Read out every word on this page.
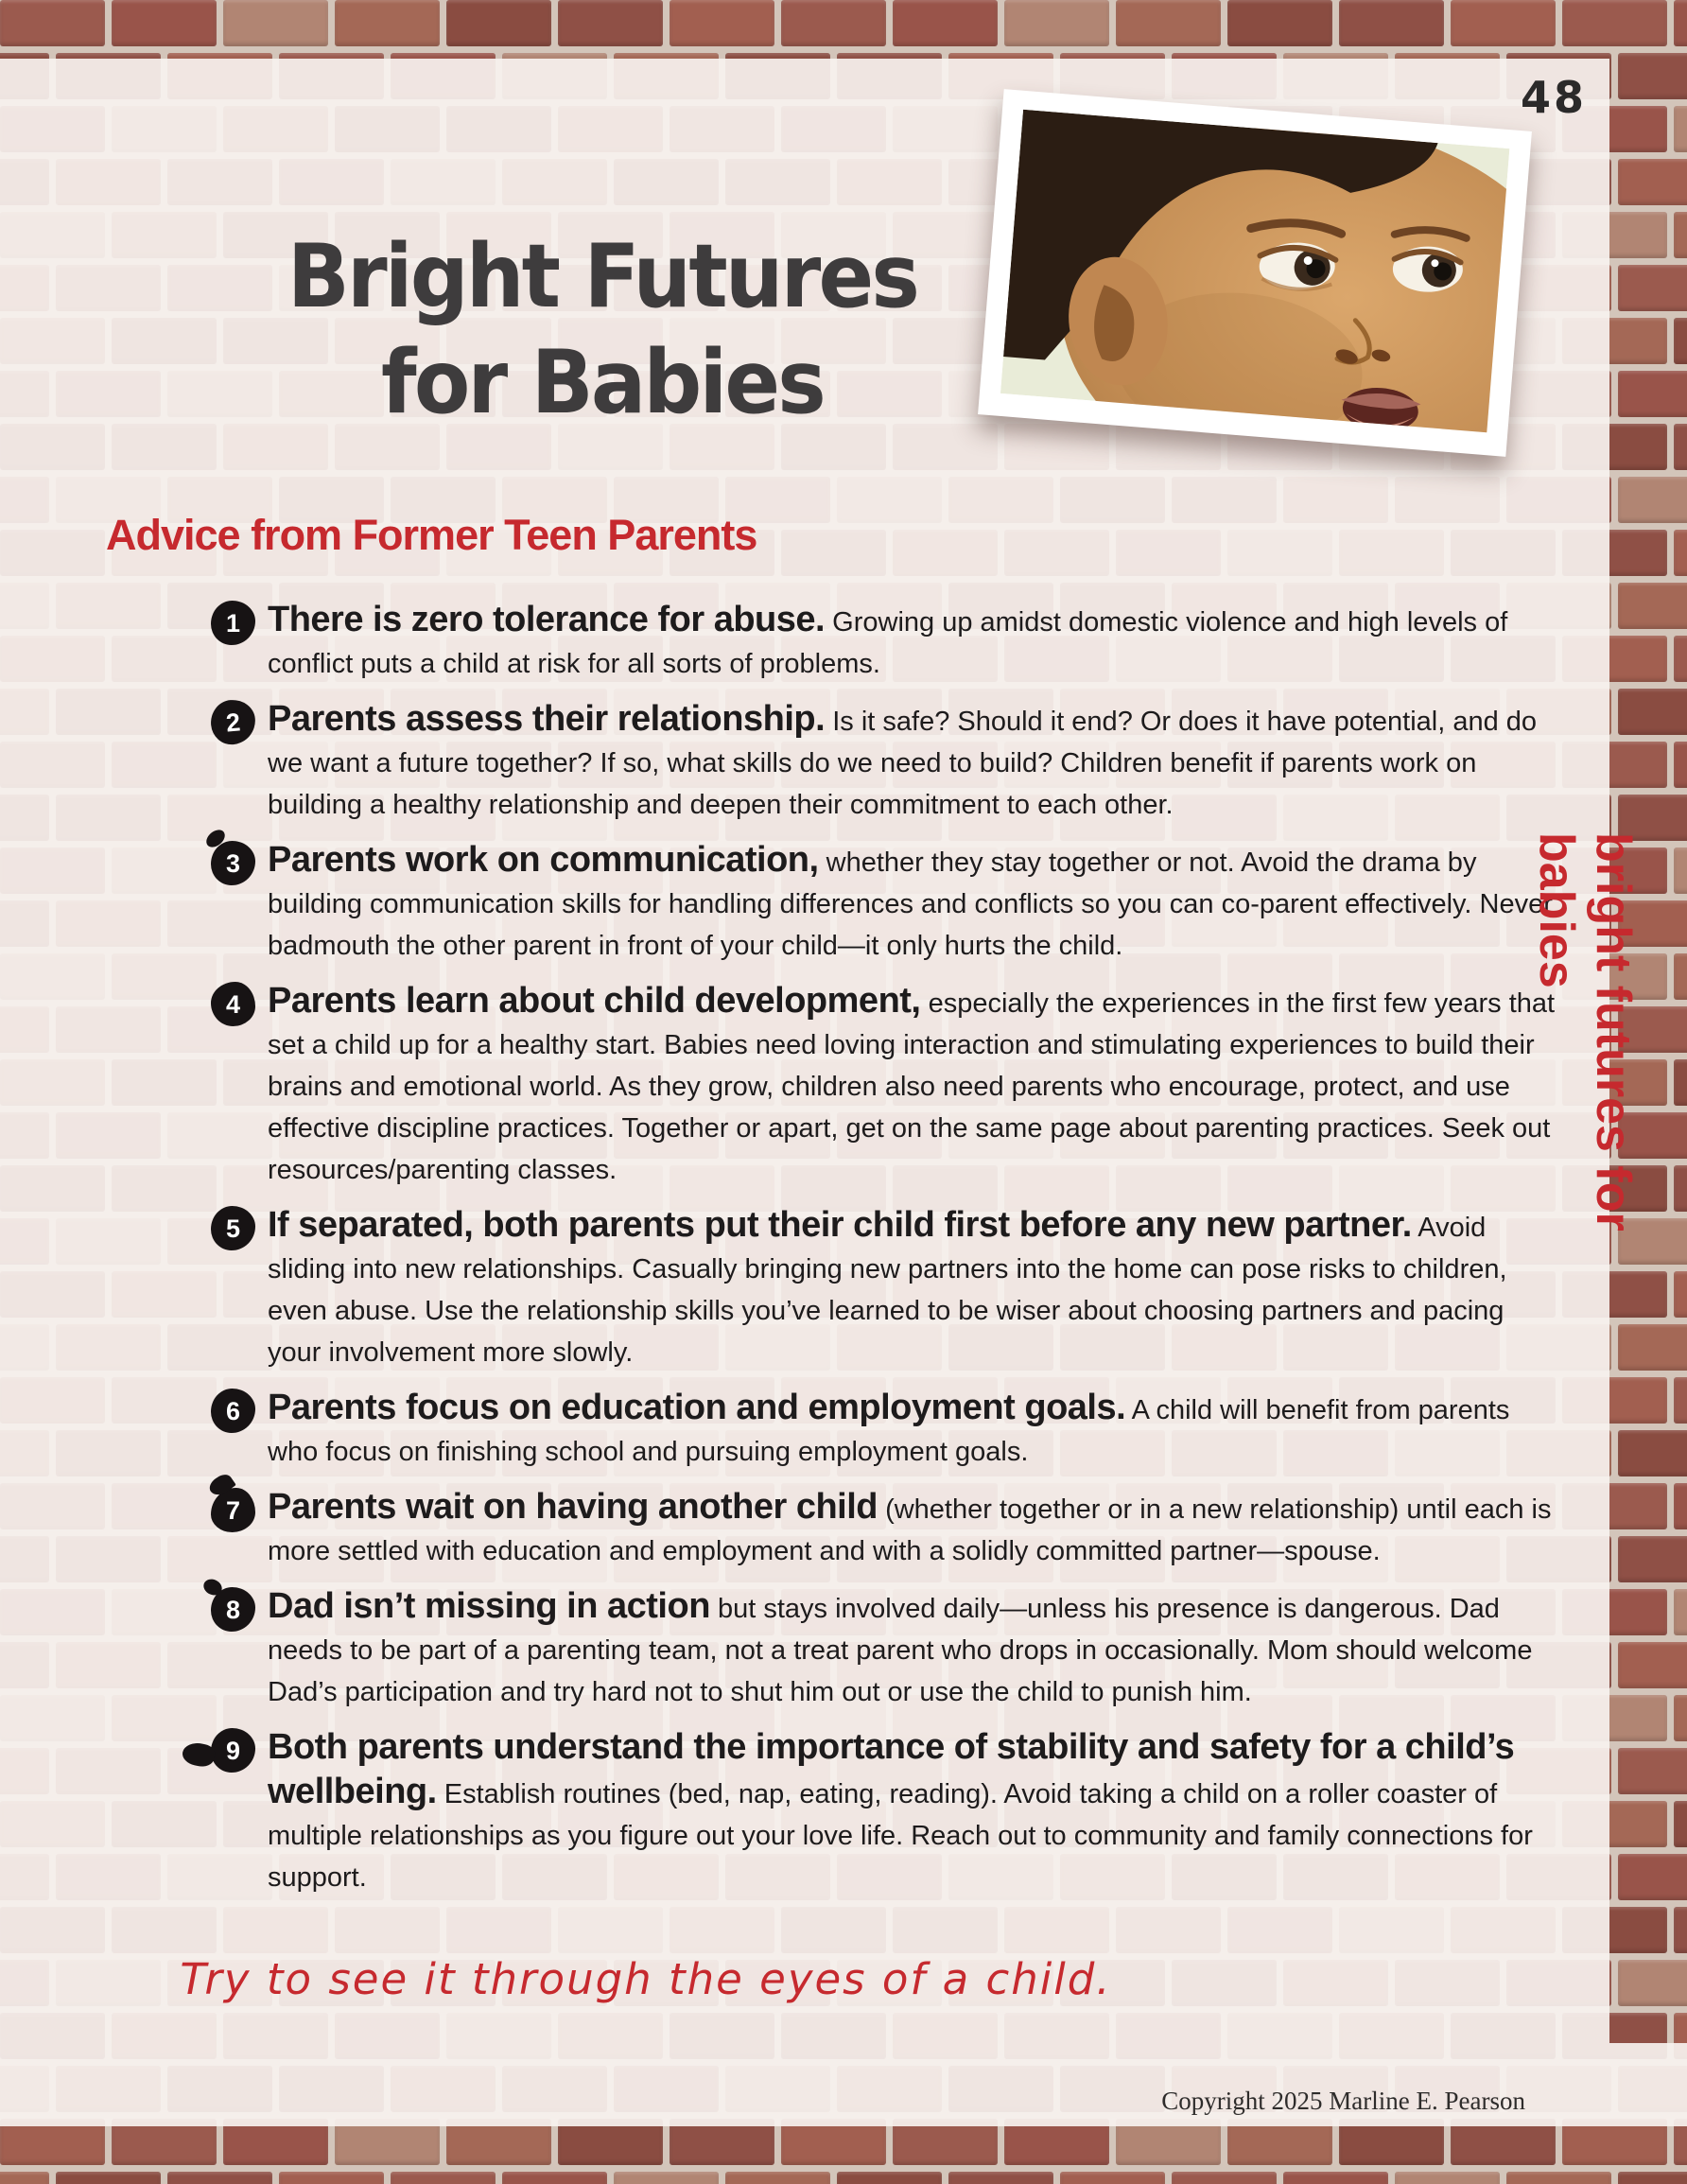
48
Bright Futures
for Babies
Advice from Former Teen Parents
1 There is zero tolerance for abuse. Growing up amidst domestic violence and high levels of conflict puts a child at risk for all sorts of problems.
2 Parents assess their relationship. Is it safe? Should it end? Or does it have potential, and do we want a future together? If so, what skills do we need to build? Children benefit if parents work on building a healthy relationship and deepen their commitment to each other.
3 Parents work on communication, whether they stay together or not. Avoid the drama by building communication skills for handling differences and conflicts so you can co-parent effectively. Never badmouth the other parent in front of your child—it only hurts the child.
4 Parents learn about child development, especially the experiences in the first few years that set a child up for a healthy start. Babies need loving interaction and stimulating experiences to build their brains and emotional world. As they grow, children also need parents who encourage, protect, and use effective discipline practices. Together or apart, get on the same page about parenting practices. Seek out resources/parenting classes.
5 If separated, both parents put their child first before any new partner. Avoid sliding into new relationships. Casually bringing new partners into the home can pose risks to children, even abuse. Use the relationship skills you’ve learned to be wiser about choosing partners and pacing your involvement more slowly.
6 Parents focus on education and employment goals. A child will benefit from parents who focus on finishing school and pursuing employment goals.
7 Parents wait on having another child (whether together or in a new relationship) until each is more settled with education and employment and with a solidly committed partner—spouse.
8 Dad isn’t missing in action but stays involved daily—unless his presence is dangerous. Dad needs to be part of a parenting team, not a treat parent who drops in occasionally. Mom should welcome Dad’s participation and try hard not to shut him out or use the child to punish him.
9 Both parents understand the importance of stability and safety for a child’s wellbeing. Establish routines (bed, nap, eating, reading). Avoid taking a child on a roller coaster of multiple relationships as you figure out your love life. Reach out to community and family connections for support.
Try to see it through the eyes of a child.
bright futures for babies
Copyright 2025 Marline E. Pearson
